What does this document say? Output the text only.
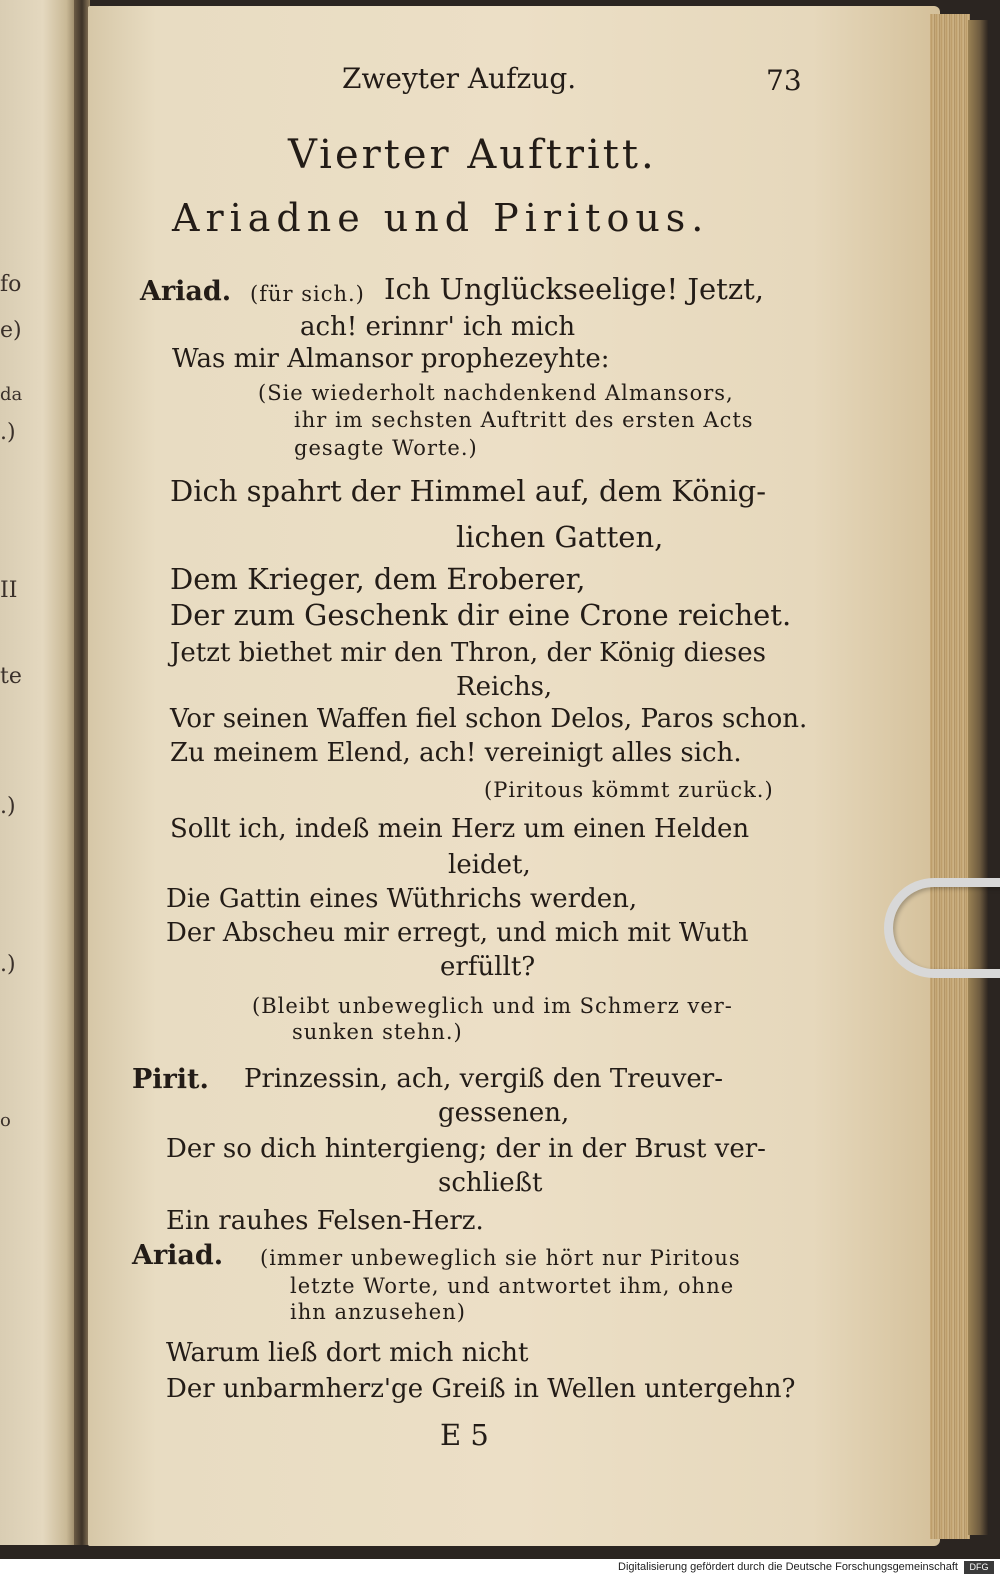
fo
e)
da
.)
II
te
.)
.)
o
Zweyter Aufzug.	73
Vierter Auftritt.
Ariadne und Piritous.
Ariad. (für sich.) Ich Unglückseelige! Jetzt,
ach! erinnr' ich mich
Was mir Almansor prophezeyhte:
(Sie wiederholt nachdenkend Almansors,
ihr im sechsten Auftritt des ersten Acts
gesagte Worte.)
Dich spahrt der Himmel auf, dem König-
lichen Gatten,
Dem Krieger, dem Eroberer,
Der zum Geschenk dir eine Crone reichet.
Jetzt biethet mir den Thron, der König dieses
Reichs,
Vor seinen Waffen fiel schon Delos, Paros schon.
Zu meinem Elend, ach! vereinigt alles sich.
(Piritous kömmt zurück.)
Sollt ich, indeß mein Herz um einen Helden
leidet,
Die Gattin eines Wüthrichs werden,
Der Abscheu mir erregt, und mich mit Wuth
erfüllt?
(Bleibt unbeweglich und im Schmerz ver-
sunken stehn.)
Pirit. Prinzessin, ach, vergiß den Treuver-
gessenen,
Der so dich hintergieng; der in der Brust ver-
schließt
Ein rauhes Felsen-Herz.
Ariad. (immer unbeweglich sie hört nur Piritous
letzte Worte, und antwortet ihm, ohne
ihn anzusehen)
Warum ließ dort mich nicht
Der unbarmherz'ge Greiß in Wellen untergehn?
E 5
Digitalisierung gefördert durch die Deutsche Forschungsgemeinschaft	DFG
